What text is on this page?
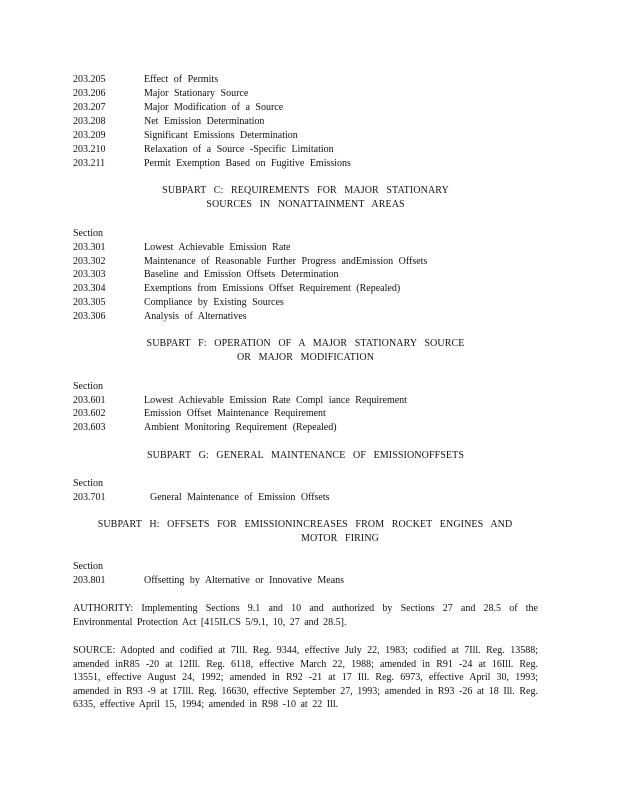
203.205	Effect of Permits
203.206	Major Stationary Source
203.207	Major Modification of a Source
203.208	Net Emission Determination
203.209	Significant Emissions Determination
203.210	Relaxation of a Source -Specific Limitation
203.211	Permit Exemption Based on Fugitive Emissions
SUBPART C: REQUIREMENTS FOR MAJOR STATIONARY
SOURCES IN NONATTAINMENT AREAS
Section
203.301	Lowest Achievable Emission Rate
203.302	Maintenance of Reasonable Further Progress andEmission Offsets
203.303	Baseline and Emission Offsets Determination
203.304	Exemptions from Emissions Offset Requirement (Repealed)
203.305	Compliance by Existing Sources
203.306	Analysis of Alternatives
SUBPART F: OPERATION OF A MAJOR STATIONARY SOURCE
OR MAJOR MODIFICATION
Section
203.601	Lowest Achievable Emission Rate Compl iance Requirement
203.602	Emission Offset Maintenance Requirement
203.603	Ambient Monitoring Requirement (Repealed)
SUBPART G: GENERAL MAINTENANCE OF EMISSIONOFFSETS
Section
203.701	General Maintenance of Emission Offsets
SUBPART H: OFFSETS FOR EMISSIONINCREASES FROM ROCKET ENGINES AND
MOTOR FIRING
Section
203.801	Offsetting by Alternative or Innovative Means
AUTHORITY: Implementing Sections 9.1 and 10 and authorized by Sections 27 and 28.5 of the Environmental Protection Act [415ILCS 5/9.1, 10, 27 and 28.5].
SOURCE: Adopted and codified at 7Ill. Reg. 9344, effective July 22, 1983; codified at 7Ill. Reg. 13588; amended inR85 -20 at 12Ill. Reg. 6118, effective March 22, 1988; amended in R91 -24 at 16Ill. Reg. 13551, effective August 24, 1992; amended in R92 -21 at 17 Ill. Reg. 6973, effective April 30, 1993; amended in R93 -9 at 17Ill. Reg. 16630, effective September 27, 1993; amended in R93 -26 at 18 Ill. Reg. 6335, effective April 15, 1994; amended in R98 -10 at 22 Ill.
